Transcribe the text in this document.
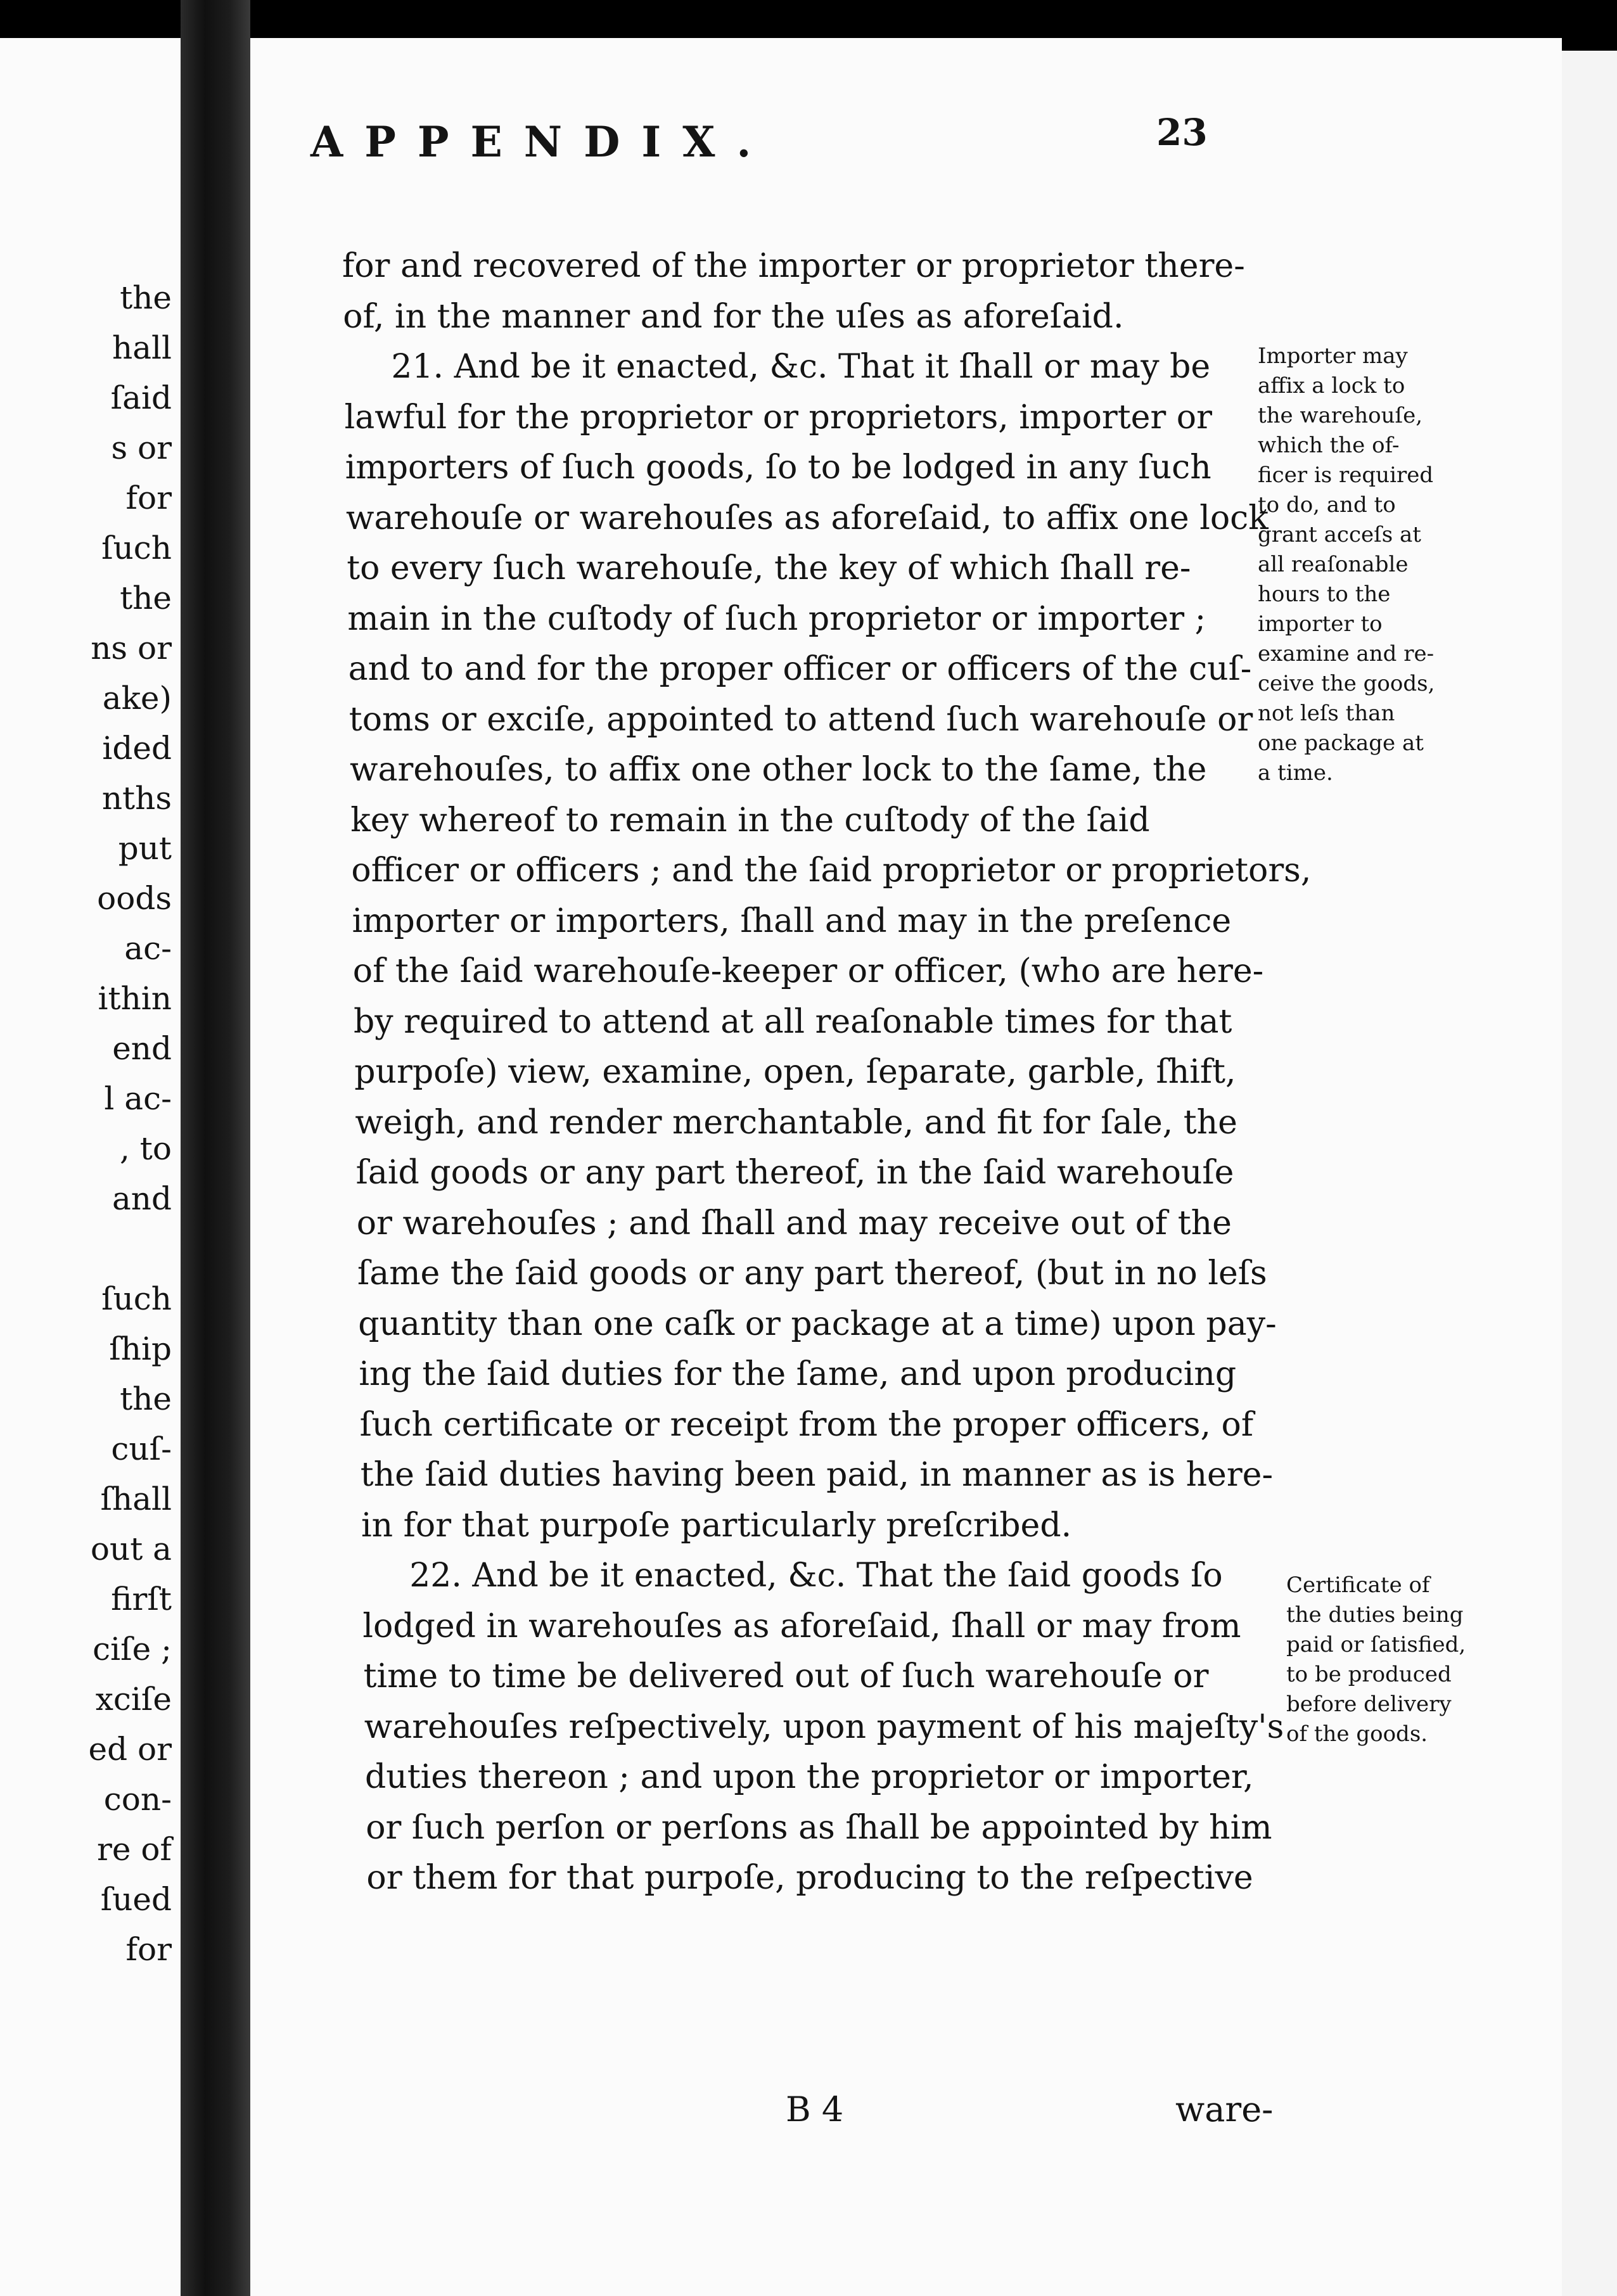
the
hall
ſaid
s or
for
ſuch
the
ns or
ake)
ided
nths
put
oods
ac-
ithin
end
l ac-
, to
and
ſuch
ſhip
the
cuſ-
ſhall
out a
firſt
ciſe ;
xciſe
ed or
con-
re of
ſued
for
APPENDIX.	23
for and recovered of the importer or proprietor there-
of, in the manner and for the uſes as aforeſaid.
21. And be it enacted, &c. That it ſhall or may be
lawful for the proprietor or proprietors, importer or
importers of ſuch goods, ſo to be lodged in any ſuch
warehouſe or warehouſes as aforeſaid, to affix one lock
to every ſuch warehouſe, the key of which ſhall re-
main in the cuſtody of ſuch proprietor or importer ;
and to and for the proper officer or officers of the cuſ-
toms or exciſe, appointed to attend ſuch warehouſe or
warehouſes, to affix one other lock to the ſame, the
key whereof to remain in the cuſtody of the ſaid
officer or officers ; and the ſaid proprietor or proprietors,
importer or importers, ſhall and may in the preſence
of the ſaid warehouſe-keeper or officer, (who are here-
by required to attend at all reaſonable times for that
purpoſe) view, examine, open, ſeparate, garble, ſhift,
weigh, and render merchantable, and fit for ſale, the
ſaid goods or any part thereof, in the ſaid warehouſe
or warehouſes ; and ſhall and may receive out of the
ſame the ſaid goods or any part thereof, (but in no leſs
quantity than one caſk or package at a time) upon pay-
ing the ſaid duties for the ſame, and upon producing
ſuch certificate or receipt from the proper officers, of
the ſaid duties having been paid, in manner as is here-
in for that purpoſe particularly preſcribed.
22. And be it enacted, &c. That the ſaid goods ſo
lodged in warehouſes as aforeſaid, ſhall or may from
time to time be delivered out of ſuch warehouſe or
warehouſes reſpectively, upon payment of his majeſty's
duties thereon ; and upon the proprietor or importer,
or ſuch perſon or perſons as ſhall be appointed by him
or them for that purpoſe, producing to the reſpective
Importer may
affix a lock to
the warehouſe,
which the of-
ficer is required
to do, and to
grant acceſs at
all reaſonable
hours to the
importer to
examine and re-
ceive the goods,
not leſs than
one package at
a time.
Certificate of
the duties being
paid or ſatisfied,
to be produced
before delivery
of the goods.
B 4	ware-
